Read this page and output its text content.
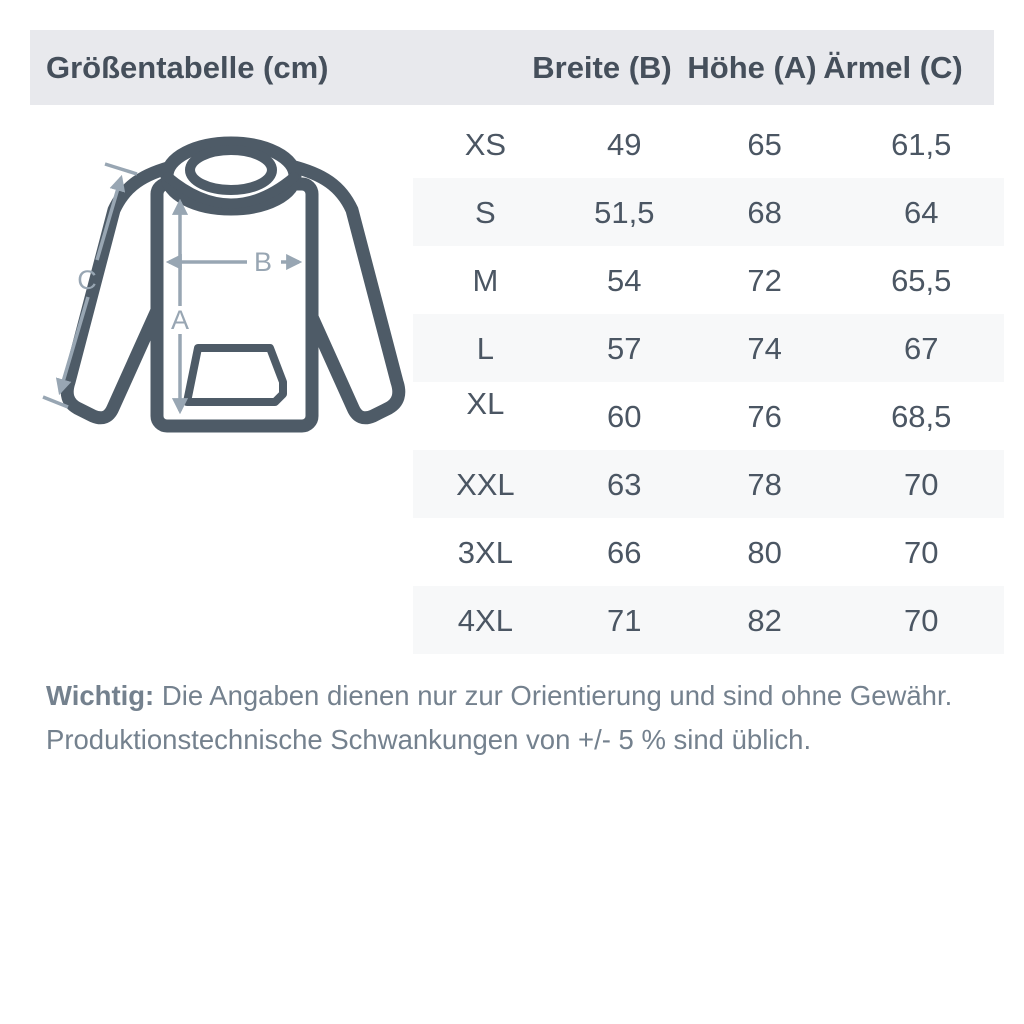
Größentabelle (cm)	Breite (B) Höhe (A) Ärmel (C)
XS	49	65	61,5
S	51,5	68	64
M	54	72	65,5
L	57	74	67
XL	60	76	68,5
XXL	63	78	70
3XL	66	80	70
4XL	71	82	70
A
B
C
Wichtig: Die Angaben dienen nur zur Orientierung und sind ohne Gewähr.
Produktionstechnische Schwankungen von +/- 5 % sind üblich.
